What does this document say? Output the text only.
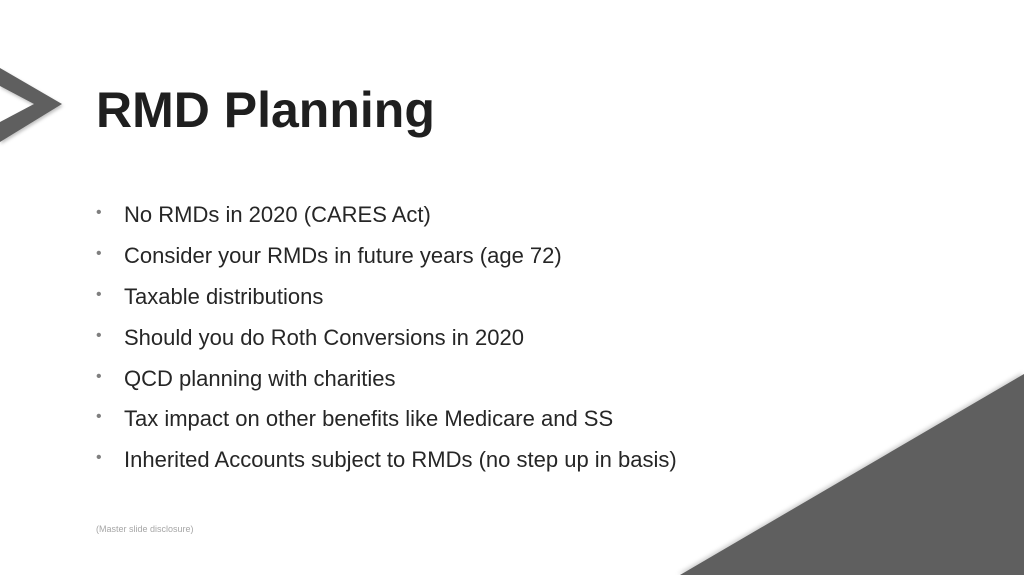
RMD Planning
• No RMDs in 2020 (CARES Act)
• Consider your RMDs in future years (age 72)
• Taxable distributions
• Should you do Roth Conversions in 2020
• QCD planning with charities
• Tax impact on other benefits like Medicare and SS
• Inherited Accounts subject to RMDs (no step up in basis)
(Master slide disclosure)
